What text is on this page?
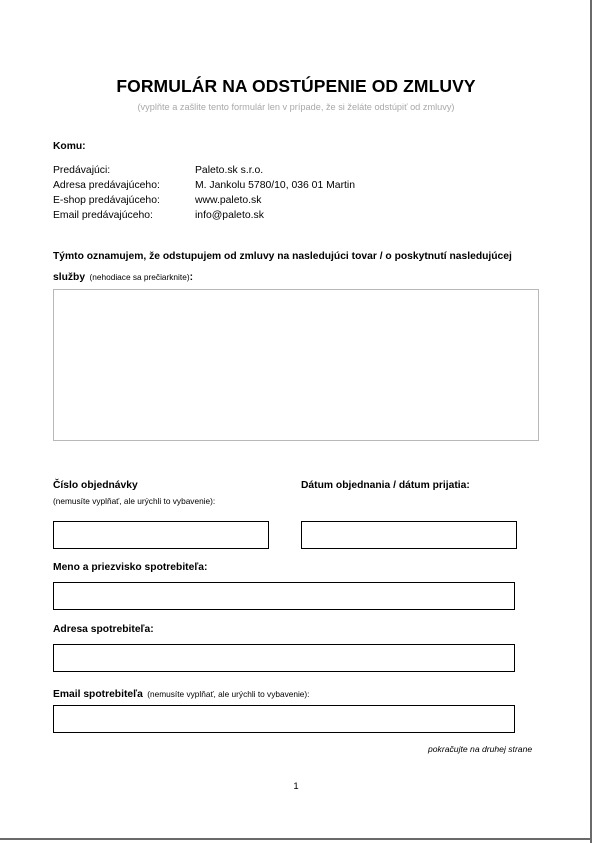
FORMULÁR NA ODSTÚPENIE OD ZMLUVY
(vyplňte a zašlite tento formulár len v prípade, že si želáte odstúpiť od zmluvy)
Komu:
Predávajúci:	Paleto.sk s.r.o.
Adresa predávajúceho:	M. Jankolu 5780/10, 036 01 Martin
E-shop predávajúceho:	www.paleto.sk
Email predávajúceho:	info@paleto.sk
Týmto oznamujem, že odstupujem od zmluvy na nasledujúci tovar / o poskytnutí nasledujúcej
služby (nehodiace sa prečiarknite):
Číslo objednávky
(nemusíte vyplňať, ale urýchli to vybavenie):
Dátum objednania / dátum prijatia:
Meno a priezvisko spotrebiteľa:
Adresa spotrebiteľa:
Email spotrebiteľa (nemusíte vyplňať, ale urýchli to vybavenie):
pokračujte na druhej strane
1
